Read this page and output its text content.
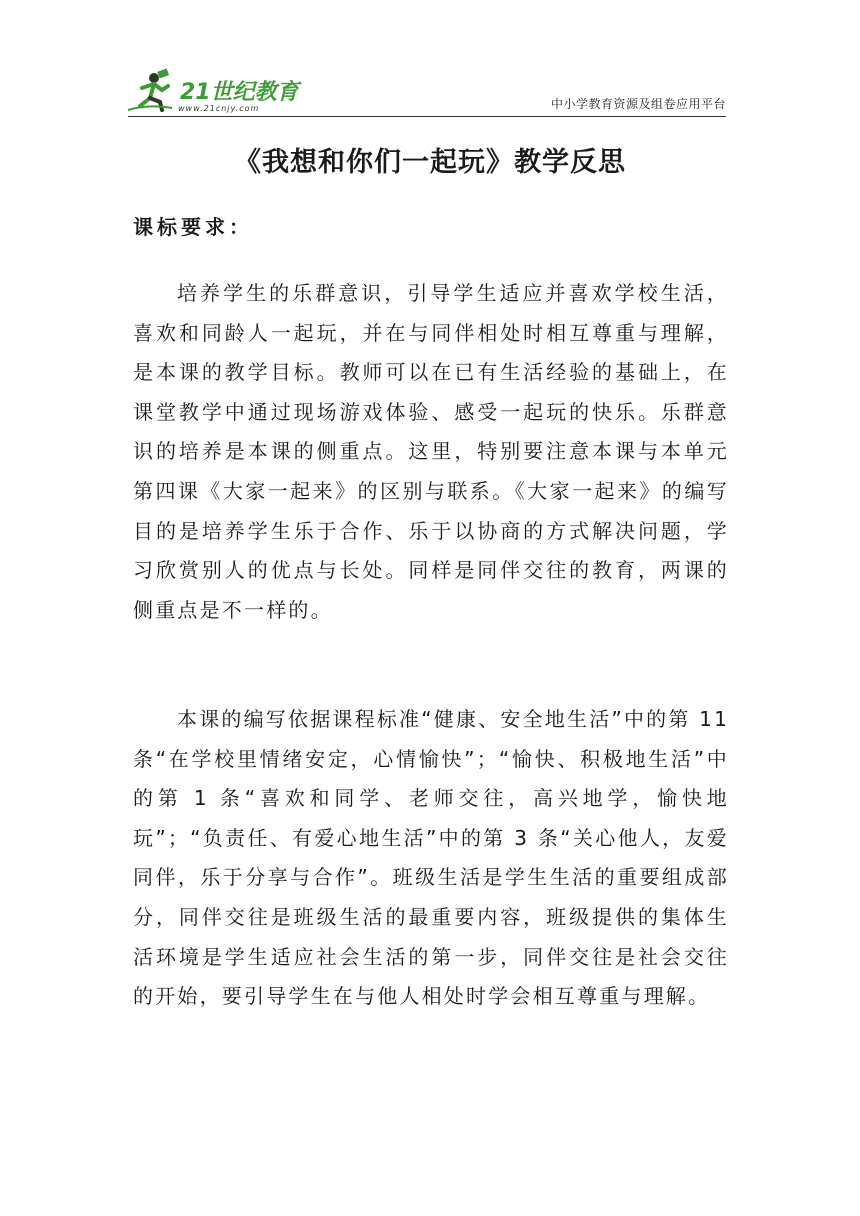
21世纪教育
www.21cnjy.com	中小学教育资源及组卷应用平台
《我想和你们一起玩》教学反思
课标要求：

培养学生的乐群意识，引导学生适应并喜欢学校生活，喜欢和同龄人一起玩，并在与同伴相处时相互尊重与理解，是本课的教学目标。教师可以在已有生活经验的基础上，在课堂教学中通过现场游戏体验、感受一起玩的快乐。乐群意识的培养是本课的侧重点。这里，特别要注意本课与本单元第四课《大家一起来》的区别与联系。《大家一起来》的编写目的是培养学生乐于合作、乐于以协商的方式解决问题，学习欣赏别人的优点与长处。同样是同伴交往的教育，两课的侧重点是不一样的。

本课的编写依据课程标准“健康、安全地生活”中的第 11 条“在学校里情绪安定，心情愉快”；“愉快、积极地生活”中的第 1 条“喜欢和同学、老师交往，高兴地学，愉快地玩”；“负责任、有爱心地生活”中的第 3 条“关心他人，友爱同伴，乐于分享与合作”。班级生活是学生生活的重要组成部分，同伴交往是班级生活的最重要内容，班级提供的集体生活环境是学生适应社会生活的第一步，同伴交往是社会交往的开始，要引导学生在与他人相处时学会相互尊重与理解。
